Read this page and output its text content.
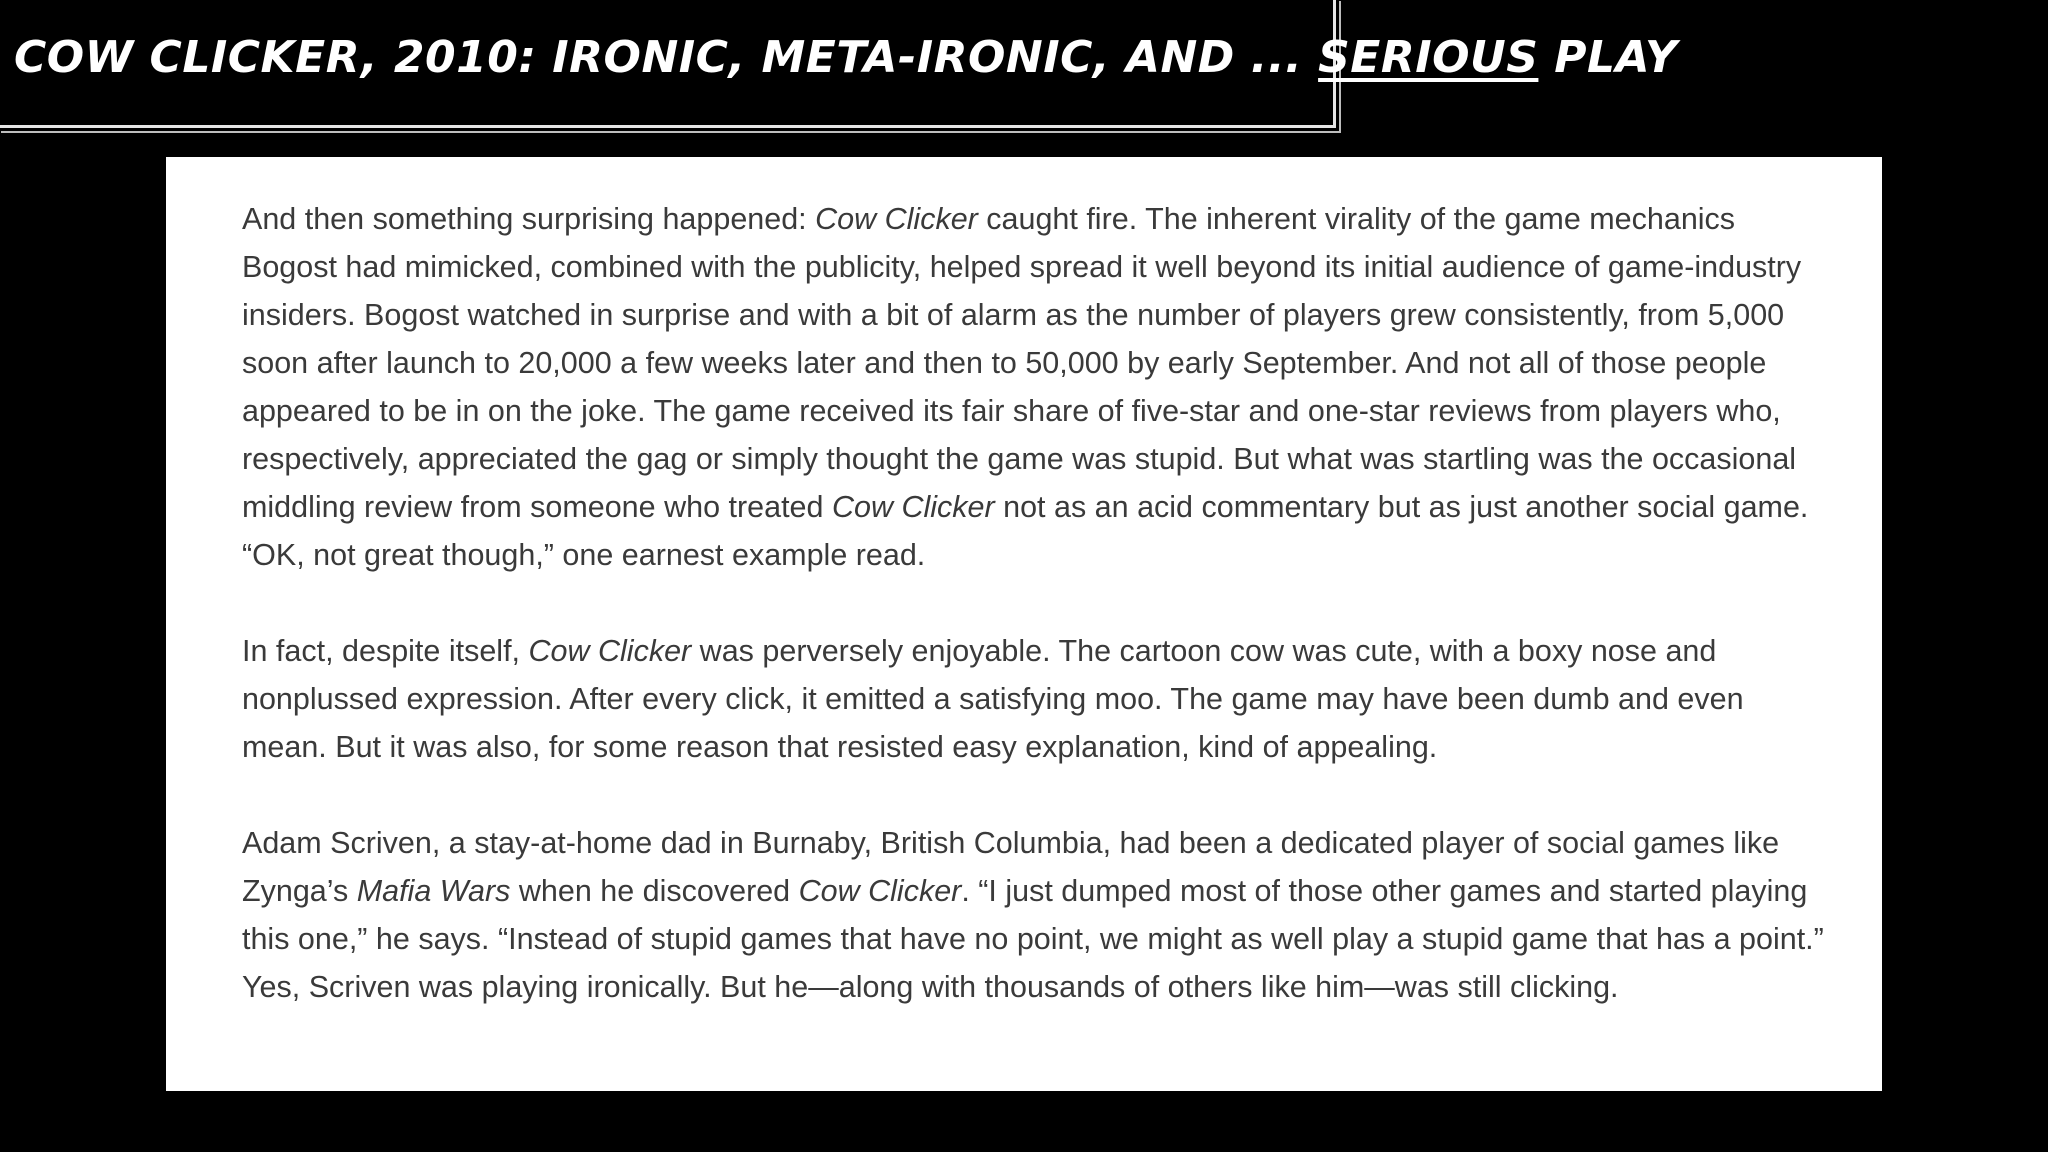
COW CLICKER, 2010: IRONIC, META-IRONIC, AND ... SERIOUS PLAY

And then something surprising happened: Cow Clicker caught fire. The inherent virality of the game mechanics Bogost had mimicked, combined with the publicity, helped spread it well beyond its initial audience of game-industry insiders. Bogost watched in surprise and with a bit of alarm as the number of players grew consistently, from 5,000 soon after launch to 20,000 a few weeks later and then to 50,000 by early September. And not all of those people appeared to be in on the joke. The game received its fair share of five-star and one-star reviews from players who, respectively, appreciated the gag or simply thought the game was stupid. But what was startling was the occasional middling review from someone who treated Cow Clicker not as an acid commentary but as just another social game. “OK, not great though,” one earnest example read.

In fact, despite itself, Cow Clicker was perversely enjoyable. The cartoon cow was cute, with a boxy nose and nonplussed expression. After every click, it emitted a satisfying moo. The game may have been dumb and even mean. But it was also, for some reason that resisted easy explanation, kind of appealing.

Adam Scriven, a stay-at-home dad in Burnaby, British Columbia, had been a dedicated player of social games like Zynga’s Mafia Wars when he discovered Cow Clicker. “I just dumped most of those other games and started playing this one,” he says. “Instead of stupid games that have no point, we might as well play a stupid game that has a point.” Yes, Scriven was playing ironically. But he—along with thousands of others like him—was still clicking.
